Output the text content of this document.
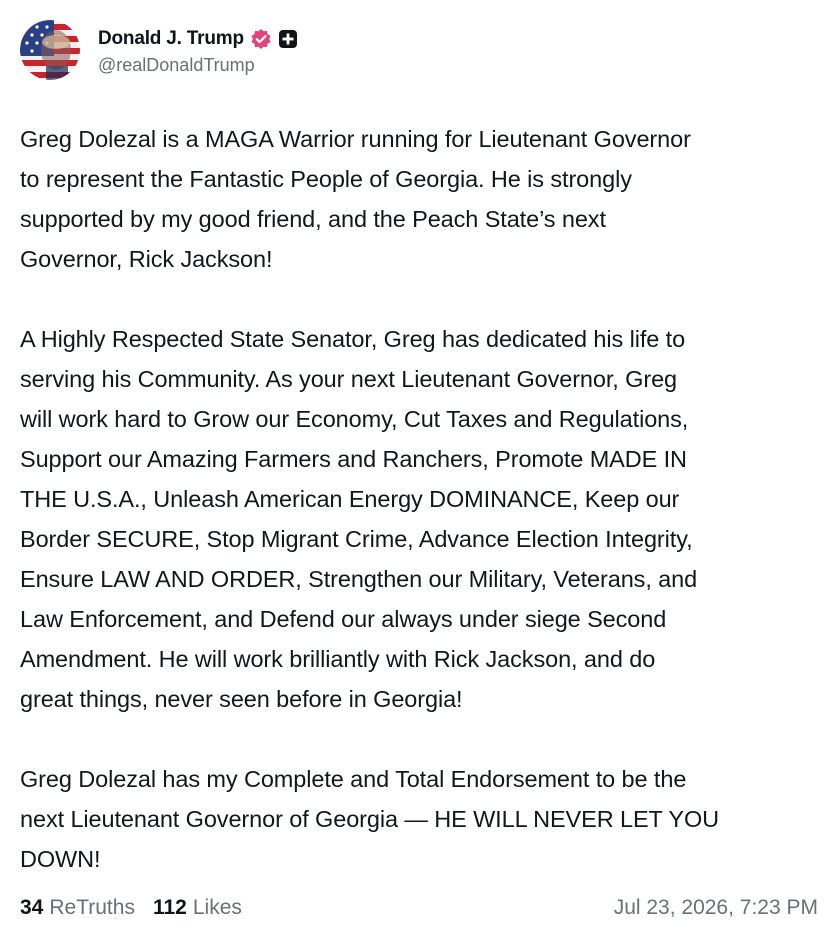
Donald J. Trump
@realDonaldTrump

Greg Dolezal is a MAGA Warrior running for Lieutenant Governor
to represent the Fantastic People of Georgia. He is strongly
supported by my good friend, and the Peach State’s next
Governor, Rick Jackson!

A Highly Respected State Senator, Greg has dedicated his life to
serving his Community. As your next Lieutenant Governor, Greg
will work hard to Grow our Economy, Cut Taxes and Regulations,
Support our Amazing Farmers and Ranchers, Promote MADE IN
THE U.S.A., Unleash American Energy DOMINANCE, Keep our
Border SECURE, Stop Migrant Crime, Advance Election Integrity,
Ensure LAW AND ORDER, Strengthen our Military, Veterans, and
Law Enforcement, and Defend our always under siege Second
Amendment. He will work brilliantly with Rick Jackson, and do
great things, never seen before in Georgia!

Greg Dolezal has my Complete and Total Endorsement to be the
next Lieutenant Governor of Georgia — HE WILL NEVER LET YOU
DOWN!

34 ReTruths 112 Likes	Jul 23, 2026, 7:23 PM
